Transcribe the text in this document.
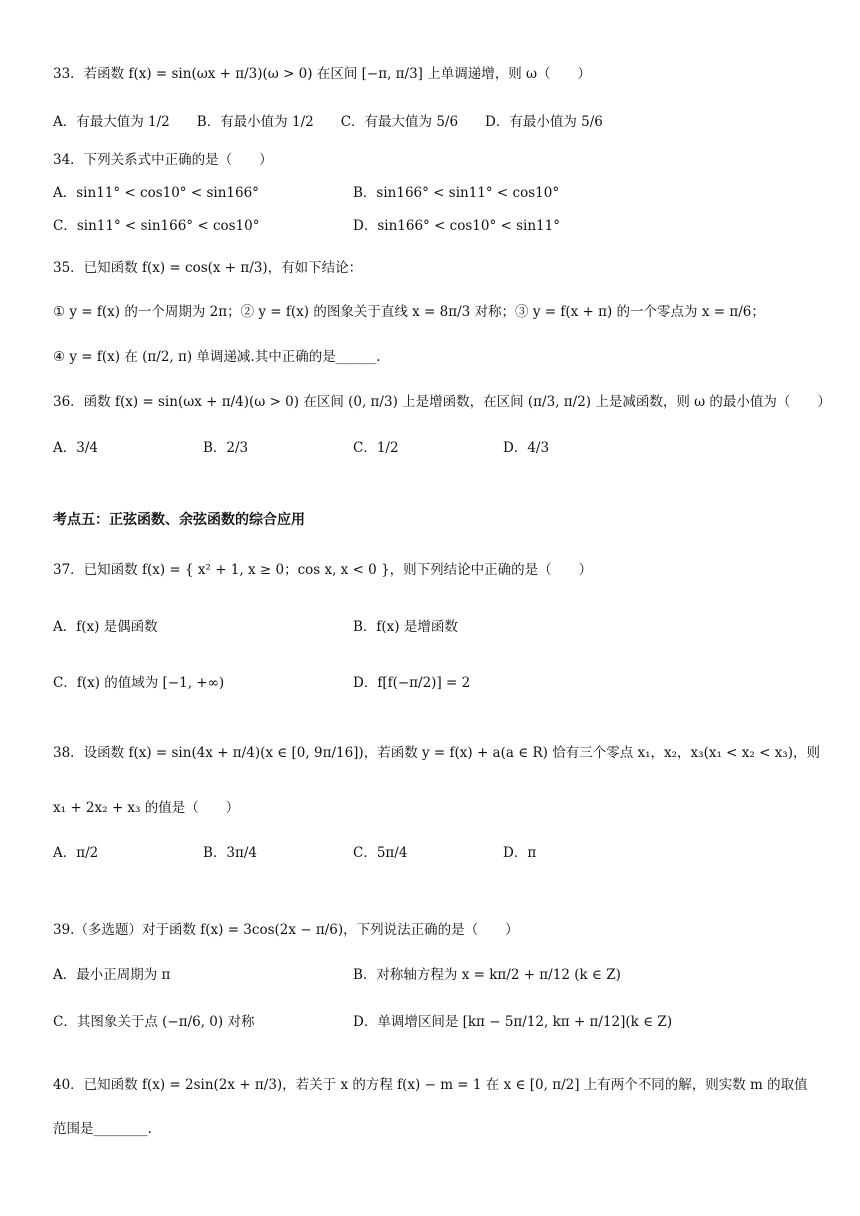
33．若函数 f(x) = sin(ωx + π/3)(ω > 0) 在区间 [−π, π/3] 上单调递增，则 ω（　　）
A．有最大值为 1/2　　B．有最小值为 1/2　　C．有最大值为 5/6　　D．有最小值为 5/6
34．下列关系式中正确的是（　　）
A．sin11° < cos10° < sin166°	B．sin166° < sin11° < cos10°
C．sin11° < sin166° < cos10°	D．sin166° < cos10° < sin11°
35．已知函数 f(x) = cos(x + π/3)，有如下结论：
① y = f(x) 的一个周期为 2π；② y = f(x) 的图象关于直线 x = 8π/3 对称；③ y = f(x + π) 的一个零点为 x = π/6；
④ y = f(x) 在 (π/2, π) 单调递减.其中正确的是______.
36．函数 f(x) = sin(ωx + π/4)(ω > 0) 在区间 (0, π/3) 上是增函数，在区间 (π/3, π/2) 上是减函数，则 ω 的最小值为（　　）
A．3/4	B．2/3	C．1/2	D．4/3
考点五：正弦函数、余弦函数的综合应用
37．已知函数 f(x) = { x² + 1, x ≥ 0；cos x, x < 0 }，则下列结论中正确的是（　　）
A．f(x) 是偶函数	B．f(x) 是增函数
C．f(x) 的值域为 [−1, +∞)	D．f[f(−π/2)] = 2
38．设函数 f(x) = sin(4x + π/4)(x ∈ [0, 9π/16])，若函数 y = f(x) + a(a ∈ R) 恰有三个零点 x₁，x₂，x₃(x₁ < x₂ < x₃)，则
x₁ + 2x₂ + x₃ 的值是（　　）
A．π/2	B．3π/4	C．5π/4	D．π
39.（多选题）对于函数 f(x) = 3cos(2x − π/6)，下列说法正确的是（　　）
A．最小正周期为 π	B．对称轴方程为 x = kπ/2 + π/12 (k ∈ Z)
C．其图象关于点 (−π/6, 0) 对称	D．单调增区间是 [kπ − 5π/12, kπ + π/12](k ∈ Z)
40．已知函数 f(x) = 2sin(2x + π/3)，若关于 x 的方程 f(x) − m = 1 在 x ∈ [0, π/2] 上有两个不同的解，则实数 m 的取值
范围是________.
